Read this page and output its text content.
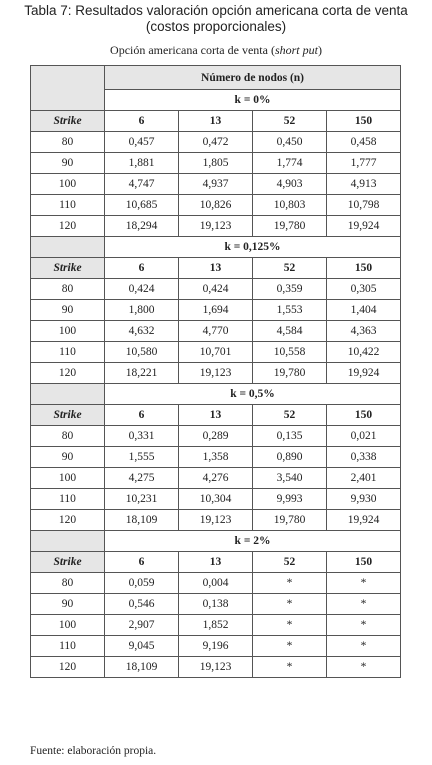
Tabla 7: Resultados valoración opción americana corta de venta
(costos proporcionales)
Opción americana corta de venta (short put)
	Número de nodos (n)			
	k = 0%			
Strike	6	13	52	150
80	0,457	0,472	0,450	0,458
90	1,881	1,805	1,774	1,777
100	4,747	4,937	4,903	4,913
110	10,685	10,826	10,803	10,798
120	18,294	19,123	19,780	19,924
	k = 0,125%			
Strike	6	13	52	150
80	0,424	0,424	0,359	0,305
90	1,800	1,694	1,553	1,404
100	4,632	4,770	4,584	4,363
110	10,580	10,701	10,558	10,422
120	18,221	19,123	19,780	19,924
	k = 0,5%			
Strike	6	13	52	150
80	0,331	0,289	0,135	0,021
90	1,555	1,358	0,890	0,338
100	4,275	4,276	3,540	2,401
110	10,231	10,304	9,993	9,930
120	18,109	19,123	19,780	19,924
	k = 2%			
Strike	6	13	52	150
80	0,059	0,004	*	*
90	0,546	0,138	*	*
100	2,907	1,852	*	*
110	9,045	9,196	*	*
120	18,109	19,123	*	*
Fuente: elaboración propia.
